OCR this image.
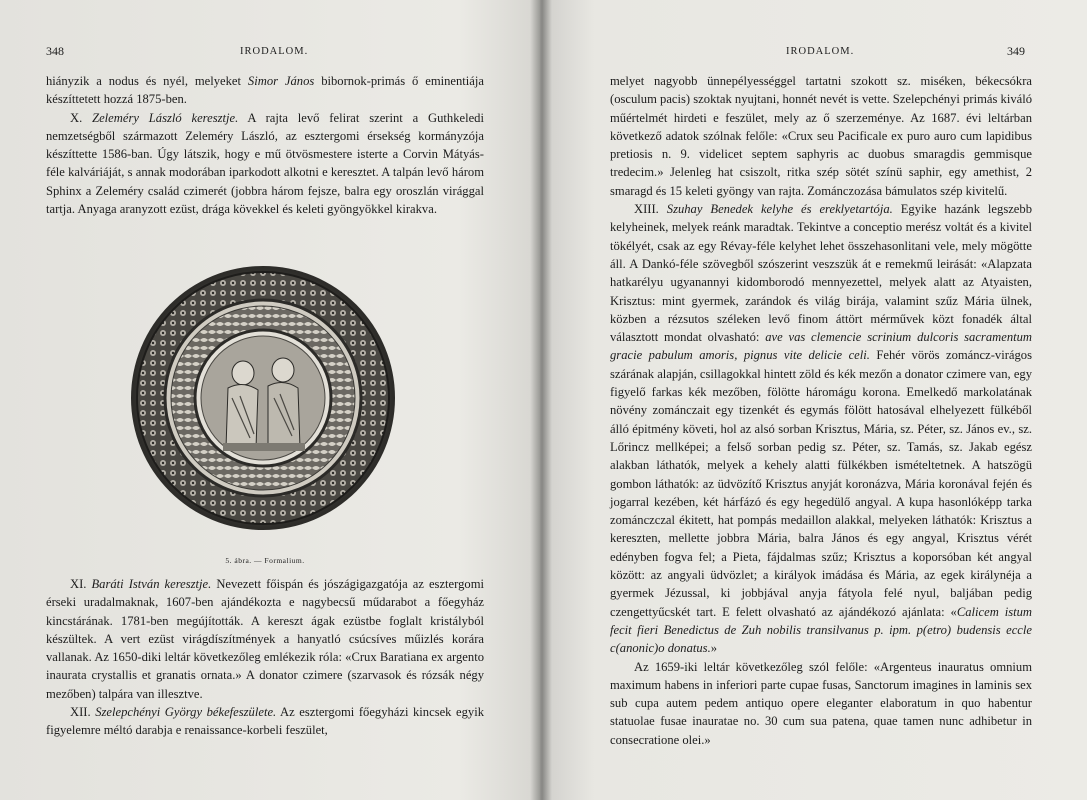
348	IRODALOM.

hiányzik a nodus és nyél, melyeket Simor János bibornok-primás ő eminentiája készíttetett hozzá 1875-ben.

X. Zeleméry László keresztje. A rajta levő felirat szerint a Guthkeledi nemzetségből származott Zeleméry László, az esztergomi érsekség kormányzója készíttette 1586-ban. Úgy látszik, hogy e mű ötvösmestere isterte a Corvin Mátyás-féle kalváriáját, s annak modorában iparkodott alkotni e keresztet. A talpán levő három Sphinx a Zeleméry család czimerét (jobbra három fejsze, balra egy oroszlán virággal tartja. Anyaga aranyzott ezüst, drága kövekkel és keleti gyöngyökkel kirakva.

5. ábra. — Formalium.

XI. Baráti István keresztje. Nevezett főispán és jószágigazgatója az esztergomi érseki uradalmaknak, 1607-ben ajándékozta e nagybecsű műdarabot a főegyház kincstárának. 1781-ben megújították. A kereszt ágak ezüstbe foglalt kristályból készültek. A vert ezüst virágdíszítmények a hanyatló csúcsíves műizlés korára vallanak. Az 1650-diki leltár következőleg emlékezik róla: «Crux Baratiana ex argento inaurata crystallis et granatis ornata.» A donator czimere (szarvasok és rózsák négy mezőben) talpára van illesztve.

XII. Szelepchényi György békefeszülete. Az esztergomi főegyházi kincsek egyik figyelemre méltó darabja e renaissance-korbeli feszület,

IRODALOM.	349

melyet nagyobb ünnepélyességgel tartatni szokott sz. miséken, békecsókra (osculum pacis) szoktak nyujtani, honnét nevét is vette. Szelepchényi primás kiváló műértelmét hirdeti e feszület, mely az ő szerzeménye. Az 1687. évi leltárban következő adatok szólnak felőle: «Crux seu Pacificale ex puro auro cum lapidibus pretiosis n. 9. videlicet septem saphyris ac duobus smaragdis gemmisque tredecim.» Jelenleg hat csiszolt, ritka szép sötét színü saphir, egy amethist, 2 smaragd és 15 keleti gyöngy van rajta. Zománczozása bámulatos szép kivitelű.

XIII. Szuhay Benedek kelyhe és ereklyetartója. Egyike hazánk legszebb kelyheinek, melyek reánk maradtak. Tekintve a conceptio merész voltát és a kivitel tökélyét, csak az egy Révay-féle kelyhet lehet összehasonlitani vele, mely mögötte áll. A Dankó-féle szövegből szószerint veszszük át e remekmű leirását: «Alapzata hatkarélyu ugyanannyi kidomborodó mennyezettel, melyek alatt az Atyaisten, Krisztus: mint gyermek, zarándok és világ birája, valamint szűz Mária ülnek, közben a rézsutos széleken levő finom áttört mérművek közt fonadék által választott mondat olvasható: ave vas clemencie scrinium dulcoris sacramentum gracie pabulum amoris, pignus vite delicie celi. Fehér vörös zománcz-virágos szárának alapján, csillagokkal hintett zöld és kék mezőn a donator czimere van, egy figyelő farkas kék mezőben, fölötte háromágu korona. Emelkedő markolatának növény zománczait egy tizenkét és egymás fölött hatosával elhelyezett fülkéből álló épitmény követi, hol az alsó sorban Krisztus, Mária, sz. Péter, sz. János ev., sz. Lőrincz mellképei; a felső sorban pedig sz. Péter, sz. Tamás, sz. Jakab egész alakban láthatók, melyek a kehely alatti fülkékben ismételtetnek. A hatszögü gombon láthatók: az üdvözítő Krisztus anyját koronázva, Mária koronával fején és jogarral kezében, két hárfázó és egy hegedülő angyal. A kupa hasonlóképp tarka zománczczal ékitett, hat pompás medaillon alakkal, melyeken láthatók: Krisztus a kereszten, mellette jobbra Mária, balra János és egy angyal, Krisztus vérét edényben fogva fel; a Pieta, fájdalmas szűz; Krisztus a koporsóban két angyal között: az angyali üdvözlet; a királyok imádása és Mária, az egek királynéja a gyermek Jézussal, ki jobbjával anyja fátyola felé nyul, baljában pedig czengettyűcskét tart. E felett olvasható az ajándékozó ajánlata: «Calicem istum fecit fieri Benedictus de Zuh nobilis transilvanus p. ipm. p(etro) budensis eccle c(anonic)o donatus.»

Az 1659-iki leltár következőleg szól felőle: «Argenteus inauratus omnium maximum habens in inferiori parte cupae fusas, Sanctorum imagines in laminis sex sub cupa autem pedem antiquo opere eleganter elaboratum in quo habentur statuolae fusae inauratae no. 30 cum sua patena, quae tamen nunc adhibetur in consecratione olei.»
